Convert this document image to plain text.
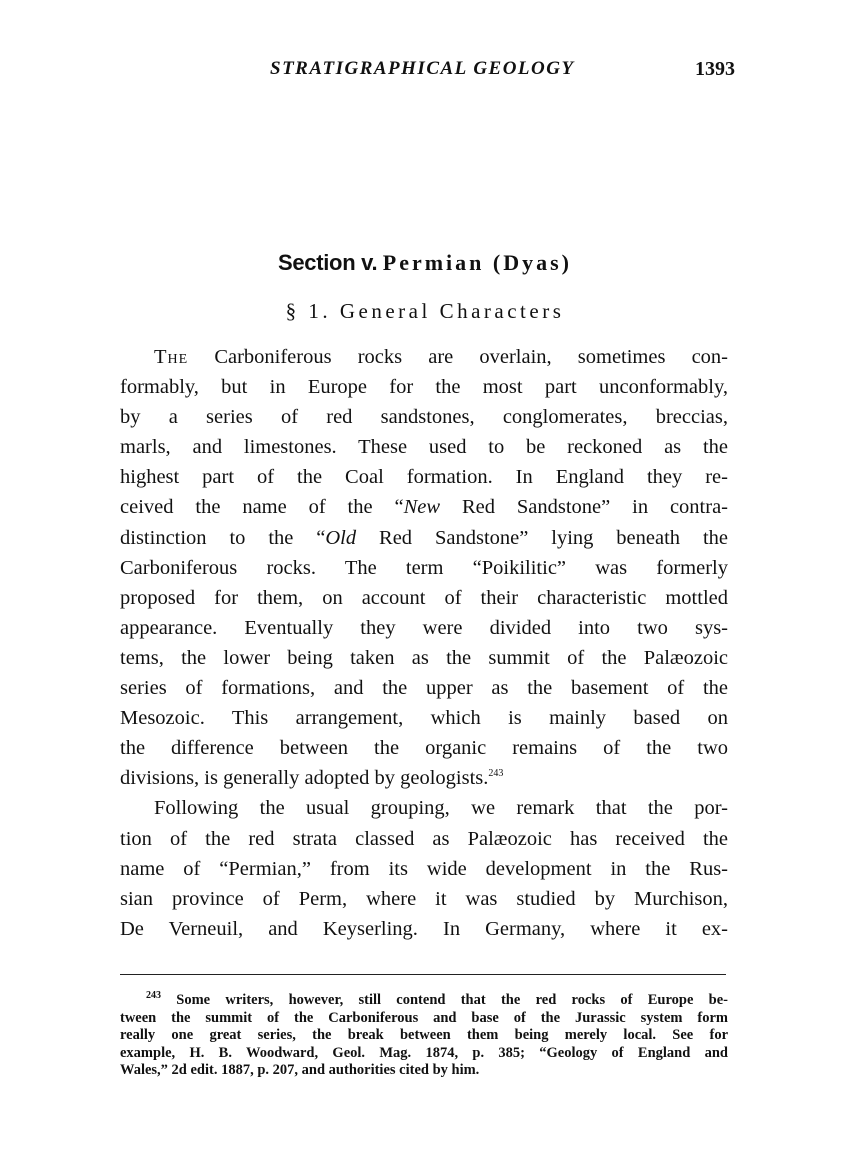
STRATIGRAPHICAL GEOLOGY	1393
Section v. Permian (Dyas)
§ 1. General Characters
The Carboniferous rocks are overlain, sometimes con-
formably, but in Europe for the most part unconformably,
by a series of red sandstones, conglomerates, breccias,
marls, and limestones. These used to be reckoned as the
highest part of the Coal formation. In England they re-
ceived the name of the “New Red Sandstone” in contra-
distinction to the “Old Red Sandstone” lying beneath the
Carboniferous rocks. The term “Poikilitic” was formerly
proposed for them, on account of their characteristic mottled
appearance. Eventually they were divided into two sys-
tems, the lower being taken as the summit of the Palæozoic
series of formations, and the upper as the basement of the
Mesozoic. This arrangement, which is mainly based on
the difference between the organic remains of the two
divisions, is generally adopted by geologists.$^{243}$
Following the usual grouping, we remark that the por-
tion of the red strata classed as Palæozoic has received the
name of “Permian,” from its wide development in the Rus-
sian province of Perm, where it was studied by Murchison,
De Verneuil, and Keyserling. In Germany, where it ex-
$^{243}$ Some writers, however, still contend that the red rocks of Europe be-
tween the summit of the Carboniferous and base of the Jurassic system form
really one great series, the break between them being merely local. See for
example, H. B. Woodward, Geol. Mag. 1874, p. 385; “Geology of England and
Wales,” 2d edit. 1887, p. 207, and authorities cited by him.
